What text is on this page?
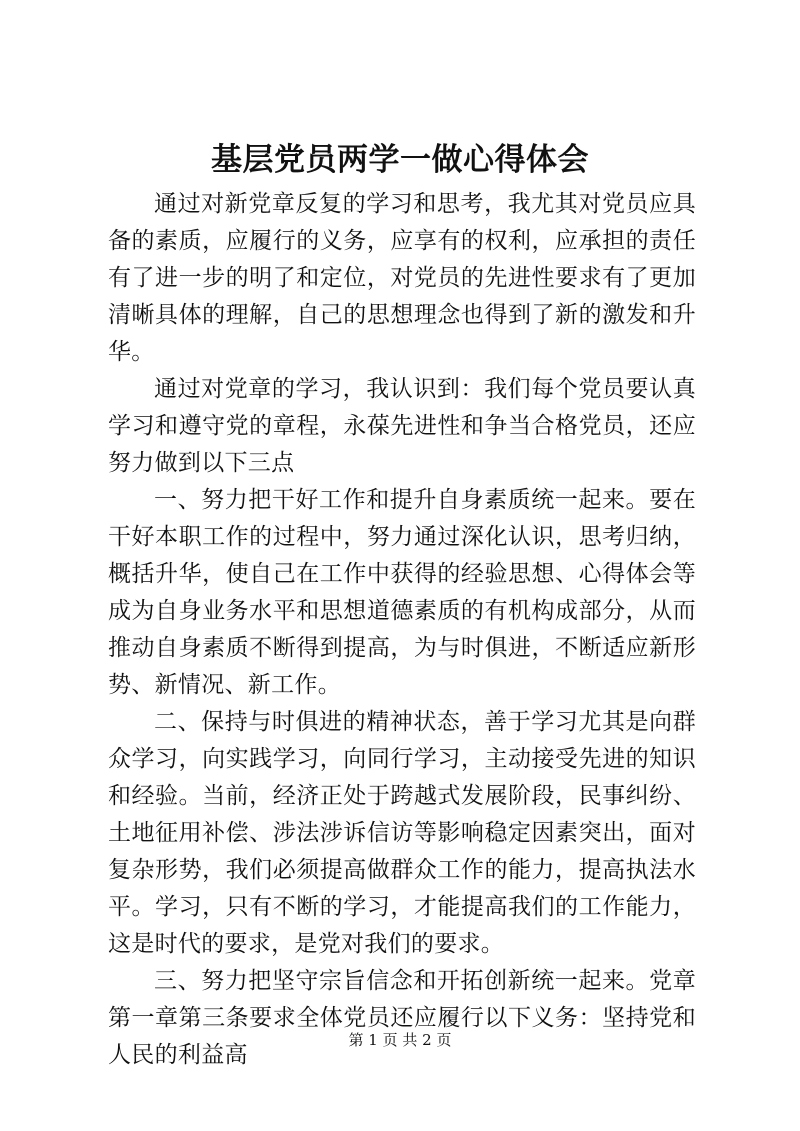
基层党员两学一做心得体会

通过对新党章反复的学习和思考，我尤其对党员应具备的素质，应履行的义务，应享有的权利，应承担的责任有了进一步的明了和定位，对党员的先进性要求有了更加清晰具体的理解，自己的思想理念也得到了新的激发和升华。

通过对党章的学习，我认识到：我们每个党员要认真学习和遵守党的章程，永葆先进性和争当合格党员，还应努力做到以下三点

一、努力把干好工作和提升自身素质统一起来。要在干好本职工作的过程中，努力通过深化认识，思考归纳，概括升华，使自己在工作中获得的经验思想、心得体会等成为自身业务水平和思想道德素质的有机构成部分，从而推动自身素质不断得到提高，为与时俱进，不断适应新形势、新情况、新工作。

二、保持与时俱进的精神状态，善于学习尤其是向群众学习，向实践学习，向同行学习，主动接受先进的知识和经验。当前，经济正处于跨越式发展阶段，民事纠纷、土地征用补偿、涉法涉诉信访等影响稳定因素突出，面对复杂形势，我们必须提高做群众工作的能力，提高执法水平。学习，只有不断的学习，才能提高我们的工作能力，这是时代的要求，是党对我们的要求。

三、努力把坚守宗旨信念和开拓创新统一起来。党章第一章第三条要求全体党员还应履行以下义务：坚持党和人民的利益高

第 1 页 共 2 页
